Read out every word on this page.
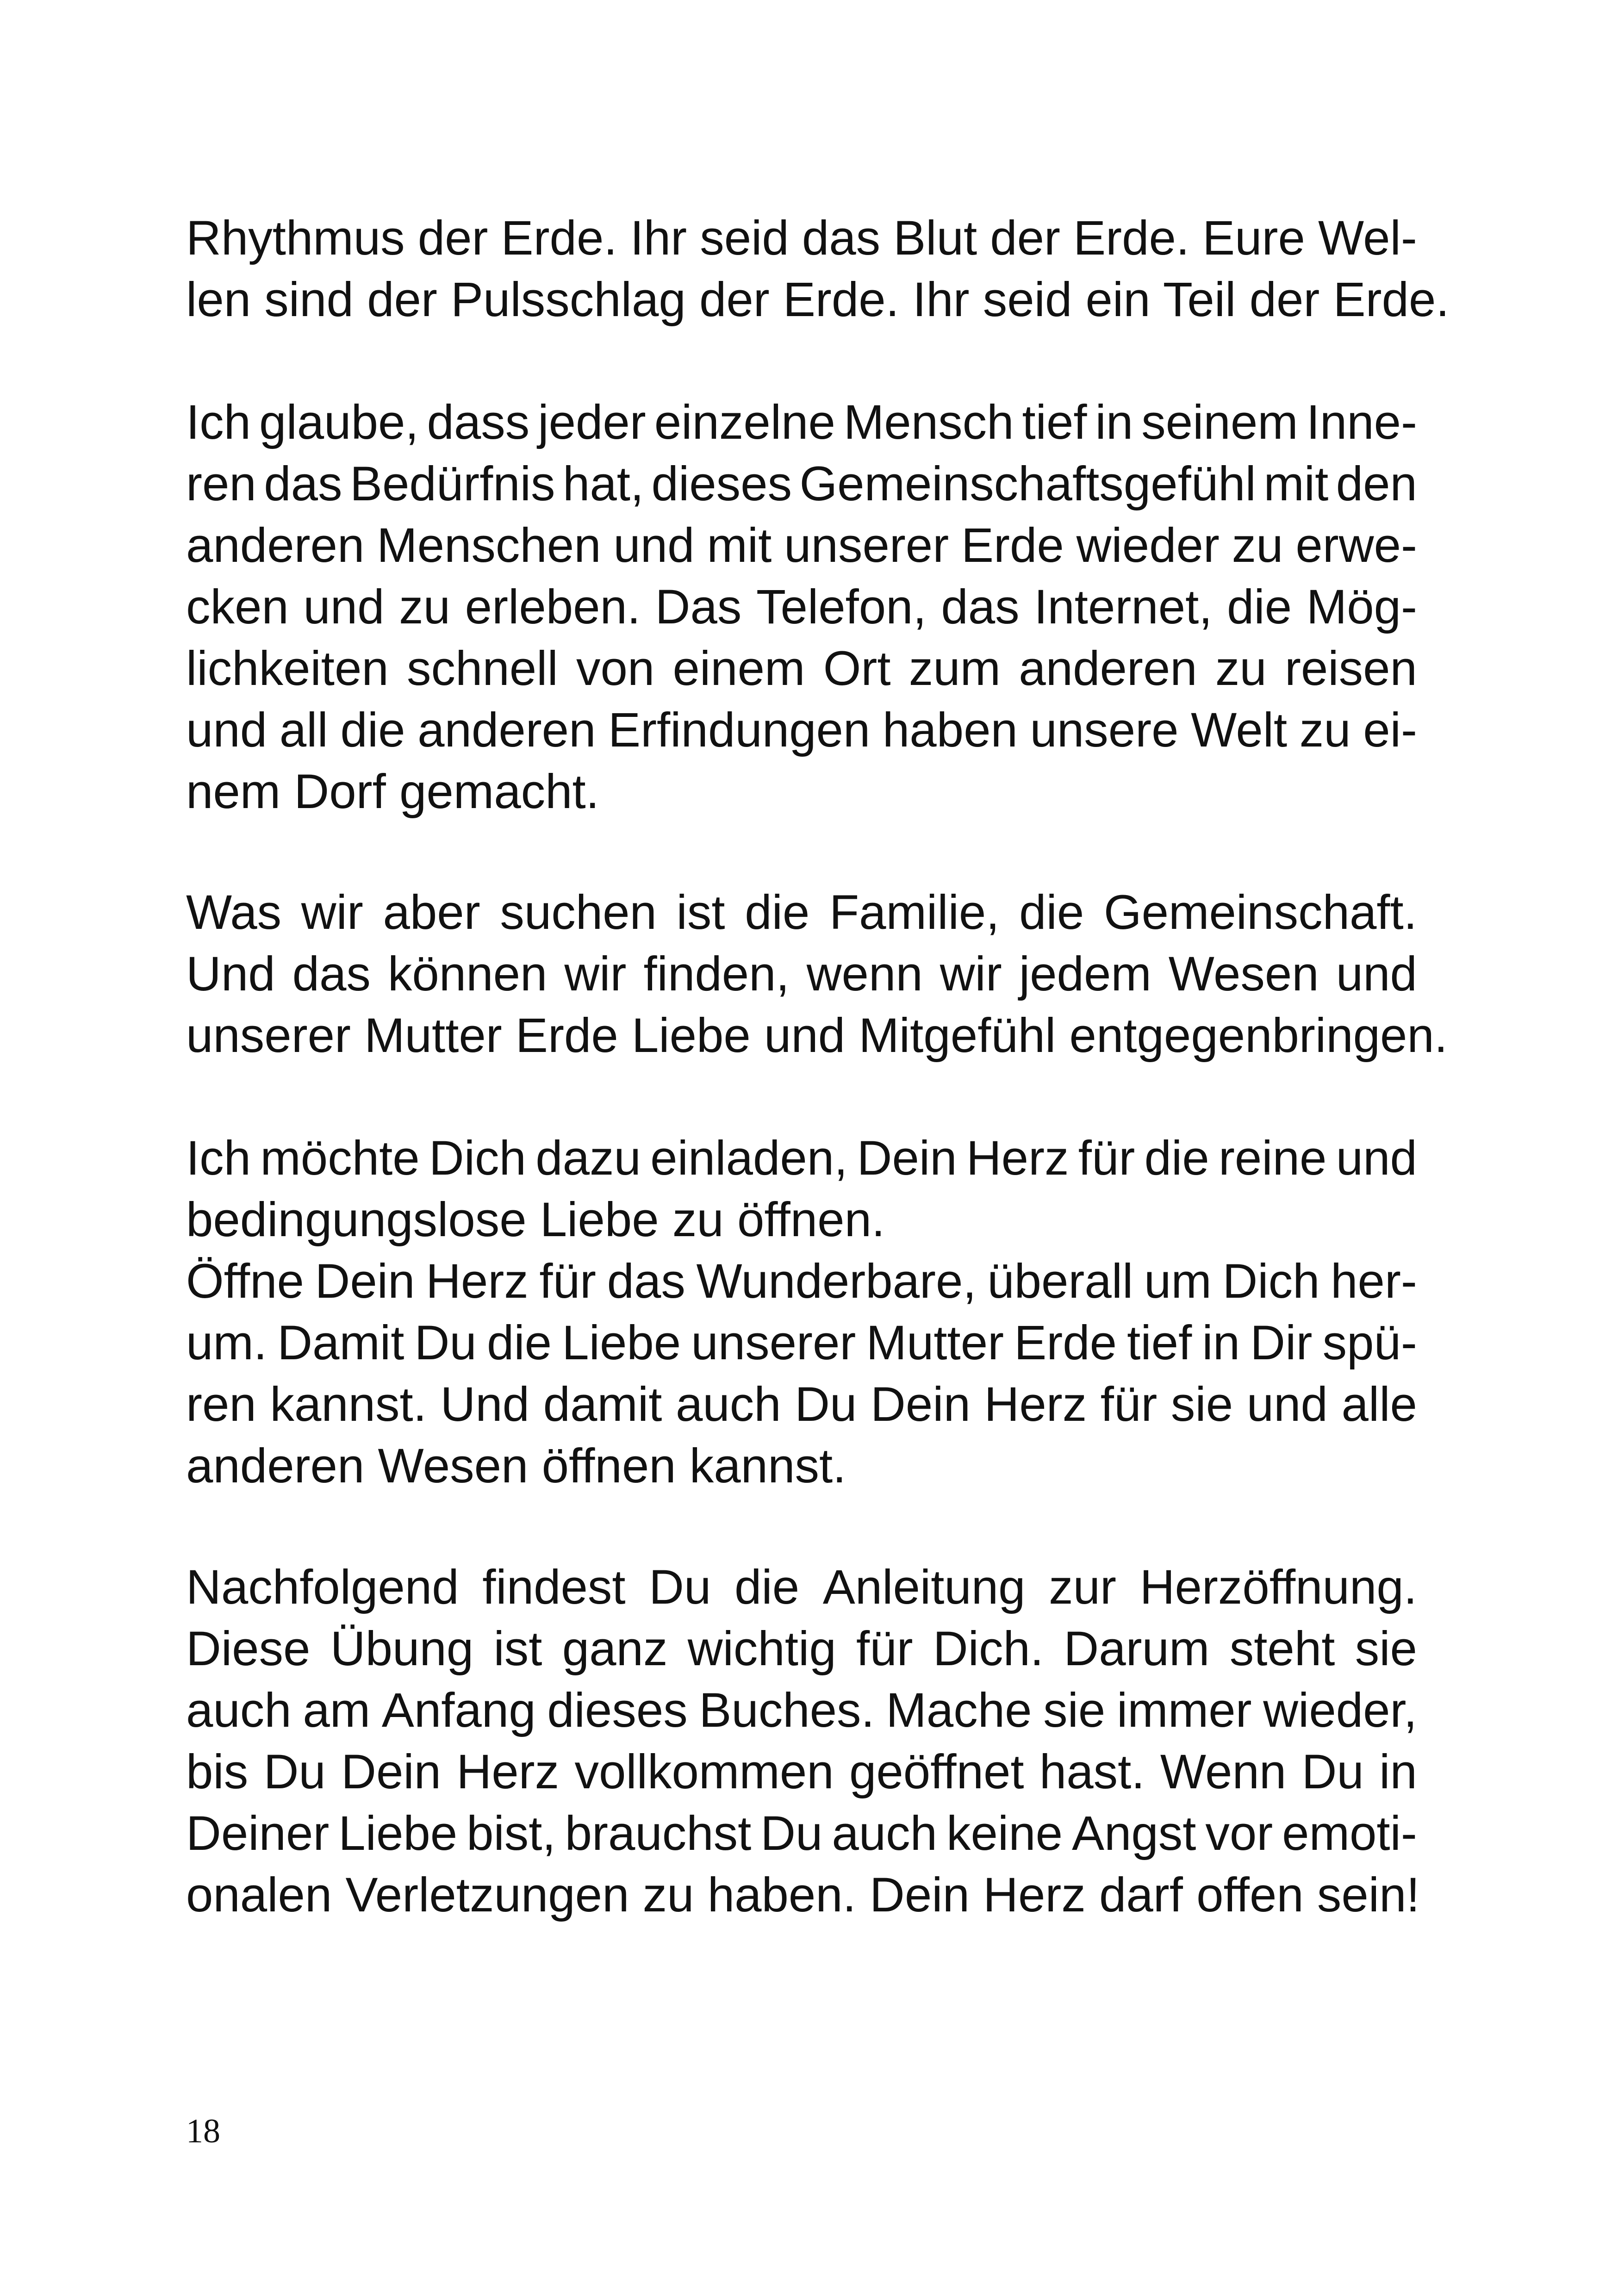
Rhythmus der Erde. Ihr seid das Blut der Erde. Eure Wel-
len sind der Pulsschlag der Erde. Ihr seid ein Teil der Erde.
Ich glaube, dass jeder einzelne Mensch tief in seinem Inne-
ren das Bedürfnis hat, dieses Gemeinschaftsgefühl mit den
anderen Menschen und mit unserer Erde wieder zu erwe-
cken und zu erleben. Das Telefon, das Internet, die Mög-
lichkeiten schnell von einem Ort zum anderen zu reisen
und all die anderen Erfindungen haben unsere Welt zu ei-
nem Dorf gemacht.
Was wir aber suchen ist die Familie, die Gemeinschaft.
Und das können wir finden, wenn wir jedem Wesen und
unserer Mutter Erde Liebe und Mitgefühl entgegenbringen.
Ich möchte Dich dazu einladen, Dein Herz für die reine und
bedingungslose Liebe zu öffnen.
Öffne Dein Herz für das Wunderbare, überall um Dich her-
um. Damit Du die Liebe unserer Mutter Erde tief in Dir spü-
ren kannst. Und damit auch Du Dein Herz für sie und alle
anderen Wesen öffnen kannst.
Nachfolgend findest Du die Anleitung zur Herzöffnung.
Diese Übung ist ganz wichtig für Dich. Darum steht sie
auch am Anfang dieses Buches. Mache sie immer wieder,
bis Du Dein Herz vollkommen geöffnet hast. Wenn Du in
Deiner Liebe bist, brauchst Du auch keine Angst vor emoti-
onalen Verletzungen zu haben. Dein Herz darf offen sein!
18
